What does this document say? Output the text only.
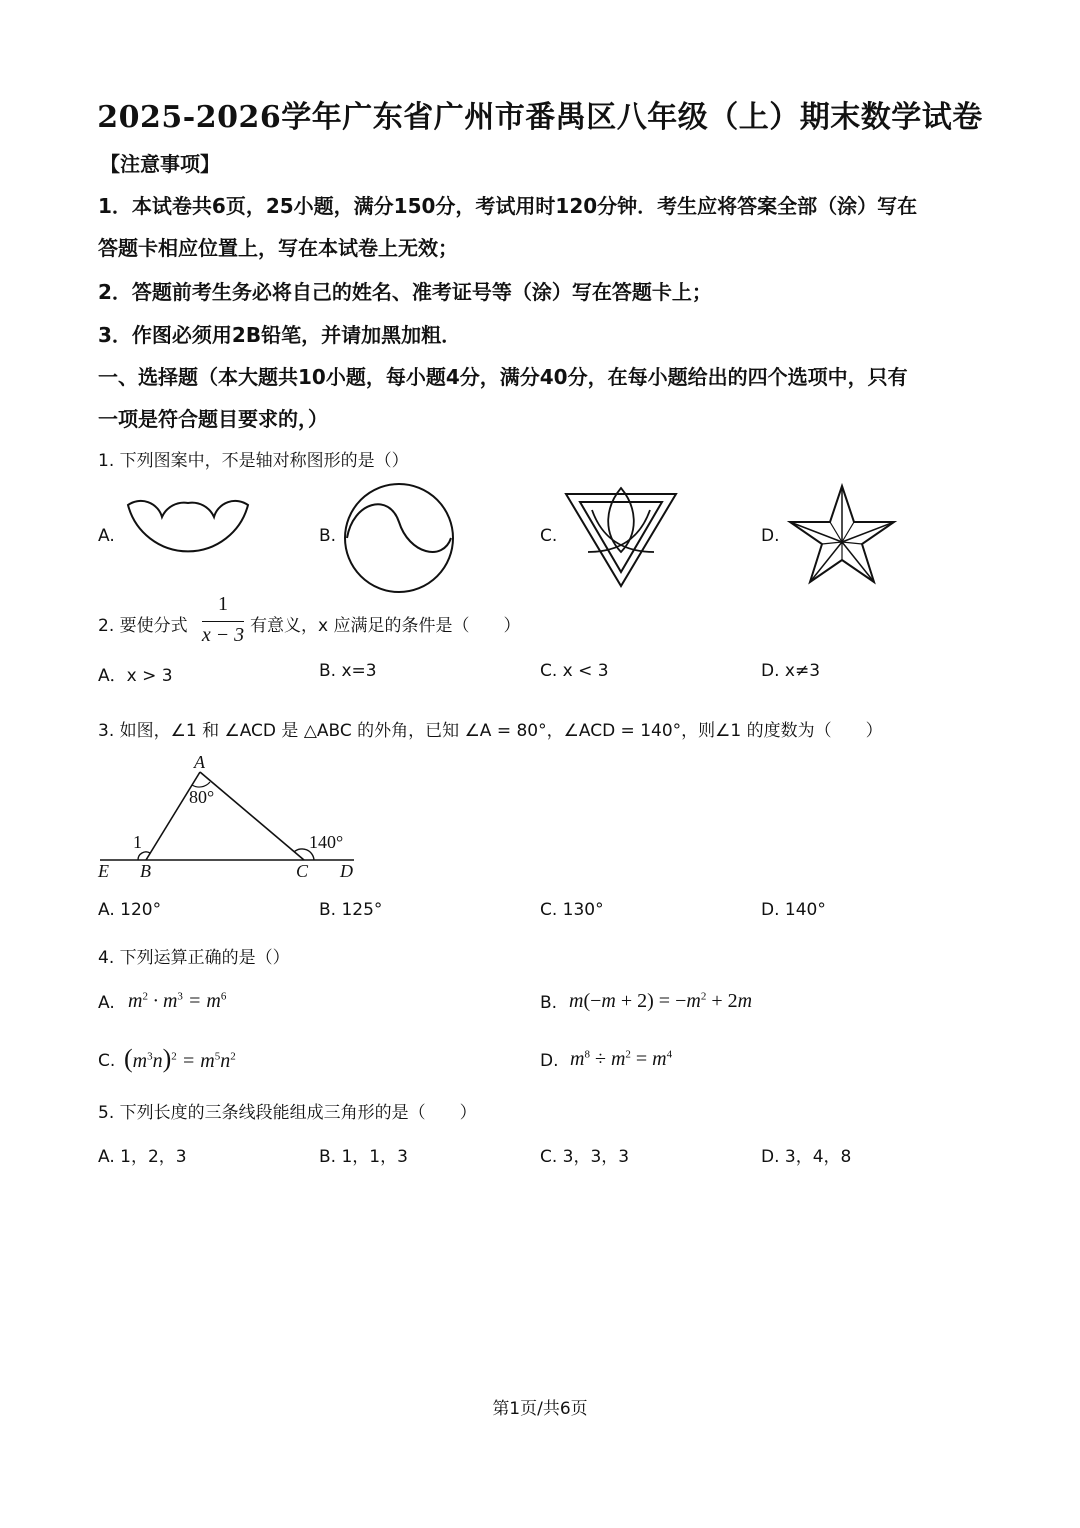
2025-2026学年广东省广州市番禺区八年级（上）期末数学试卷
【注意事项】
1．本试卷共6页，25小题，满分150分，考试用时120分钟．考生应将答案全部（涂）写在
答题卡相应位置上，写在本试卷上无效；
2．答题前考生务必将自己的姓名、准考证号等（涂）写在答题卡上；
3．作图必须用2B铅笔，并请加黑加粗．
一、选择题（本大题共10小题，每小题4分，满分40分，在每小题给出的四个选项中，只有
一项是符合题目要求的，）
1. 下列图案中，不是轴对称图形的是（）
A.	B.	C.	D.
2. 要使分式
1
x − 3 有意义，x 应满足的条件是（　　）
A．x > 3	B. x=3	C. x < 3	D. x≠3
3. 如图，∠1 和 ∠ACD 是 △ABC 的外角，已知 ∠A = 80°，∠ACD = 140°，则∠1 的度数为（　　）
A
80°
1	140°
E B	C D
A. 120°	B. 125°	C. 130°	D. 140°
4. 下列运算正确的是（）
A. $m^2 \cdot m^3 = m^6$	B. $m(-m + 2) = -m^2 + 2m$
C. $(m^3n)^2 = m^5n^2$	D. $m^8 \div m^2 = m^4$
5. 下列长度的三条线段能组成三角形的是（　　）
A. 1，2，3	B. 1，1，3	C. 3，3，3	D. 3，4，8
第1页/共6页
